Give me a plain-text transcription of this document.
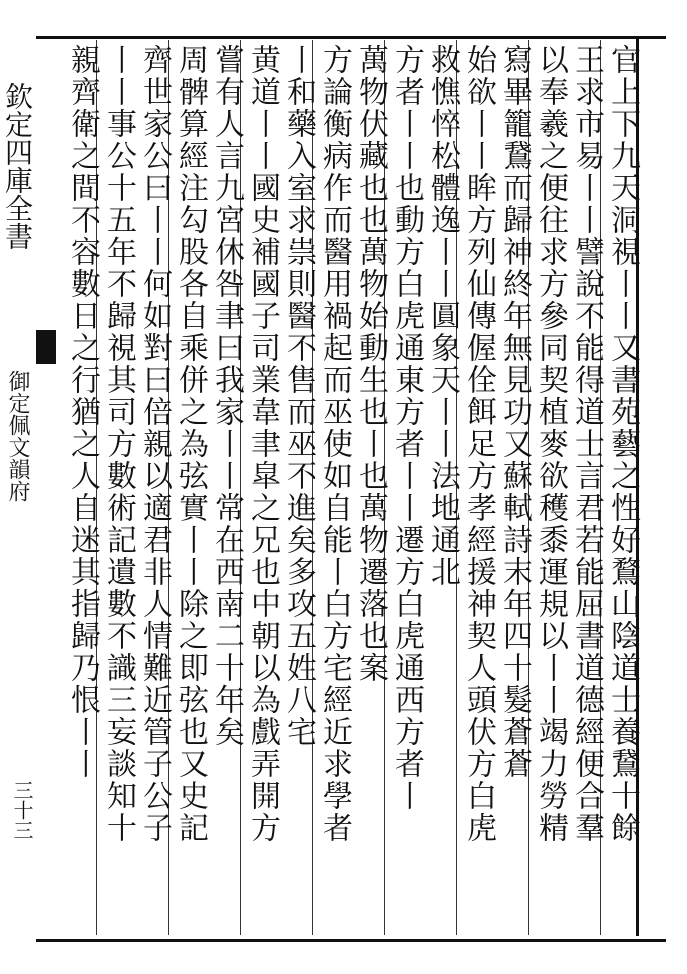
欽定四庫全書
御定佩文韻府
三十三	官上下九天洞視丨丨又書苑藝之性好鶩山陰道士養鵞十餘
王求市易丨丨譬說不能得道士言君若能屈書道德經便合羣
以奉羲之便往求方參同契植麥欲穫黍運規以丨丨竭力勞精
寫畢籠鵞而歸神終年無見功又蘇軾詩末年四十髮蒼蒼
始欲丨丨眸方列仙傳偓佺餌足方孝經援神契人頭伏方白虎
救憔悴松體逸丨丨圓象天丨丨法地通北
方者丨丨也動方白虎通東方者丨丨遷方白虎通西方者丨
萬物伏藏也也萬物始動生也丨也萬物遷落也案
方論衡病作而醫用禍起而巫使如自能丨白方宅經近求學者
丨和藥入室求祟則醫不售而巫不進矣多攻五姓八宅
黄道丨丨國史補國子司業韋聿皐之兄也中朝以為戲弄開方
嘗有人言九宮休咎聿曰我家丨丨常在西南二十年矣
周髀算經注勾股各自乘併之為弦實丨丨除之即弦也又史記
齊世家公曰丨丨何如對曰倍親以適君非人情難近管子公子
丨丨事公十五年不歸視其司方數術記遺數不識三妄談知十
親齊衛之間不容數日之行猶之人自迷其指歸乃恨丨丨
